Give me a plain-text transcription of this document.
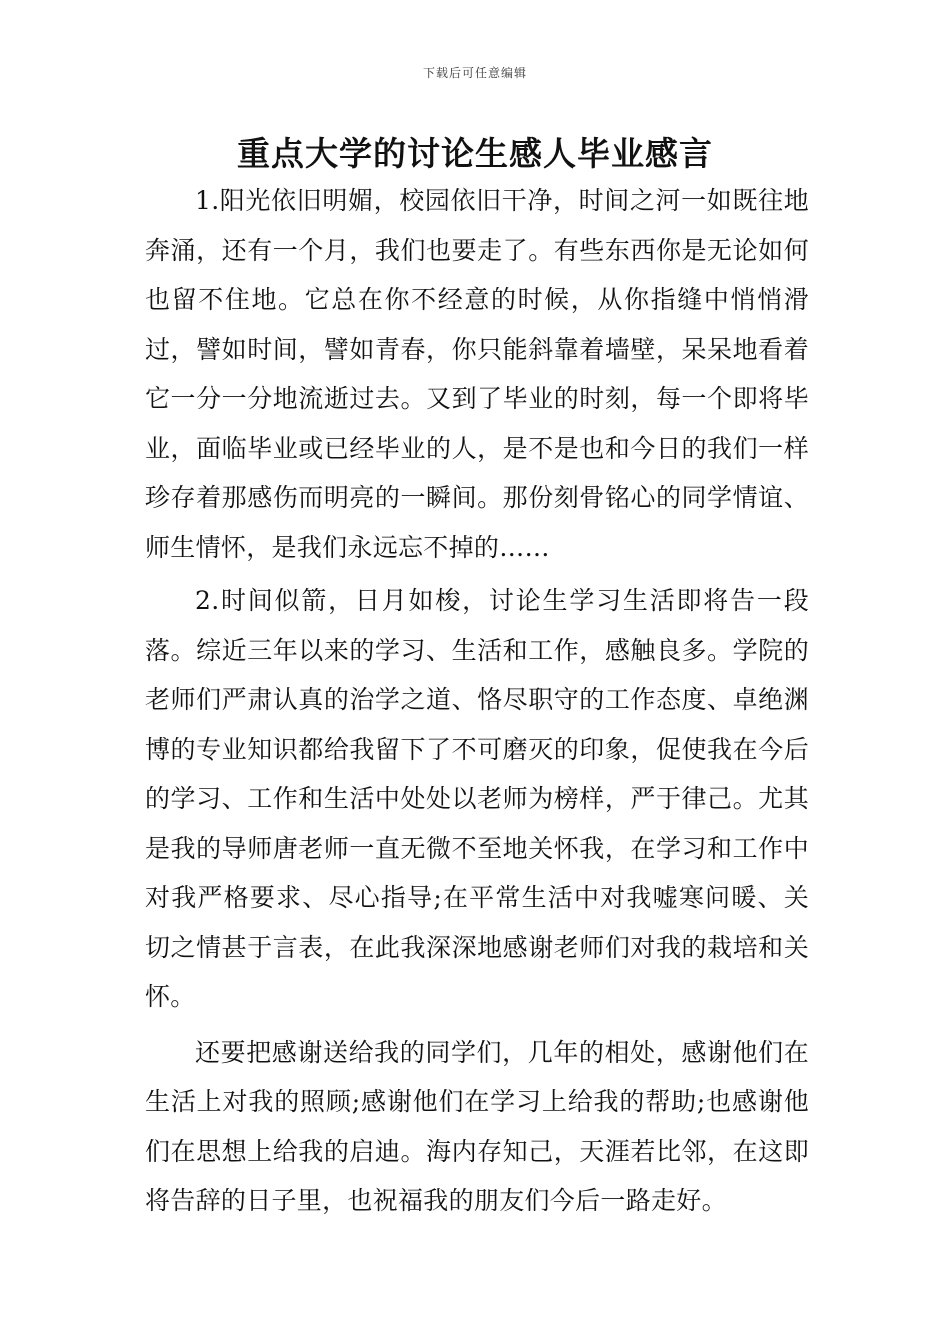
下载后可任意编辑
重点大学的讨论生感人毕业感言

1.阳光依旧明媚，校园依旧干净，时间之河一如既往地奔涌，还有一个月，我们也要走了。有些东西你是无论如何也留不住地。它总在你不经意的时候，从你指缝中悄悄滑过，譬如时间，譬如青春，你只能斜靠着墙壁，呆呆地看着它一分一分地流逝过去。又到了毕业的时刻，每一个即将毕业，面临毕业或已经毕业的人，是不是也和今日的我们一样珍存着那感伤而明亮的一瞬间。那份刻骨铭心的同学情谊、师生情怀，是我们永远忘不掉的……

2.时间似箭，日月如梭，讨论生学习生活即将告一段落。综近三年以来的学习、生活和工作，感触良多。学院的老师们严肃认真的治学之道、恪尽职守的工作态度、卓绝渊博的专业知识都给我留下了不可磨灭的印象，促使我在今后的学习、工作和生活中处处以老师为榜样，严于律己。尤其是我的导师唐老师一直无微不至地关怀我，在学习和工作中对我严格要求、尽心指导;在平常生活中对我嘘寒问暖、关切之情甚于言表，在此我深深地感谢老师们对我的栽培和关怀。

还要把感谢送给我的同学们，几年的相处，感谢他们在生活上对我的照顾;感谢他们在学习上给我的帮助;也感谢他们在思想上给我的启迪。海内存知己，天涯若比邻，在这即将告辞的日子里，也祝福我的朋友们今后一路走好。
